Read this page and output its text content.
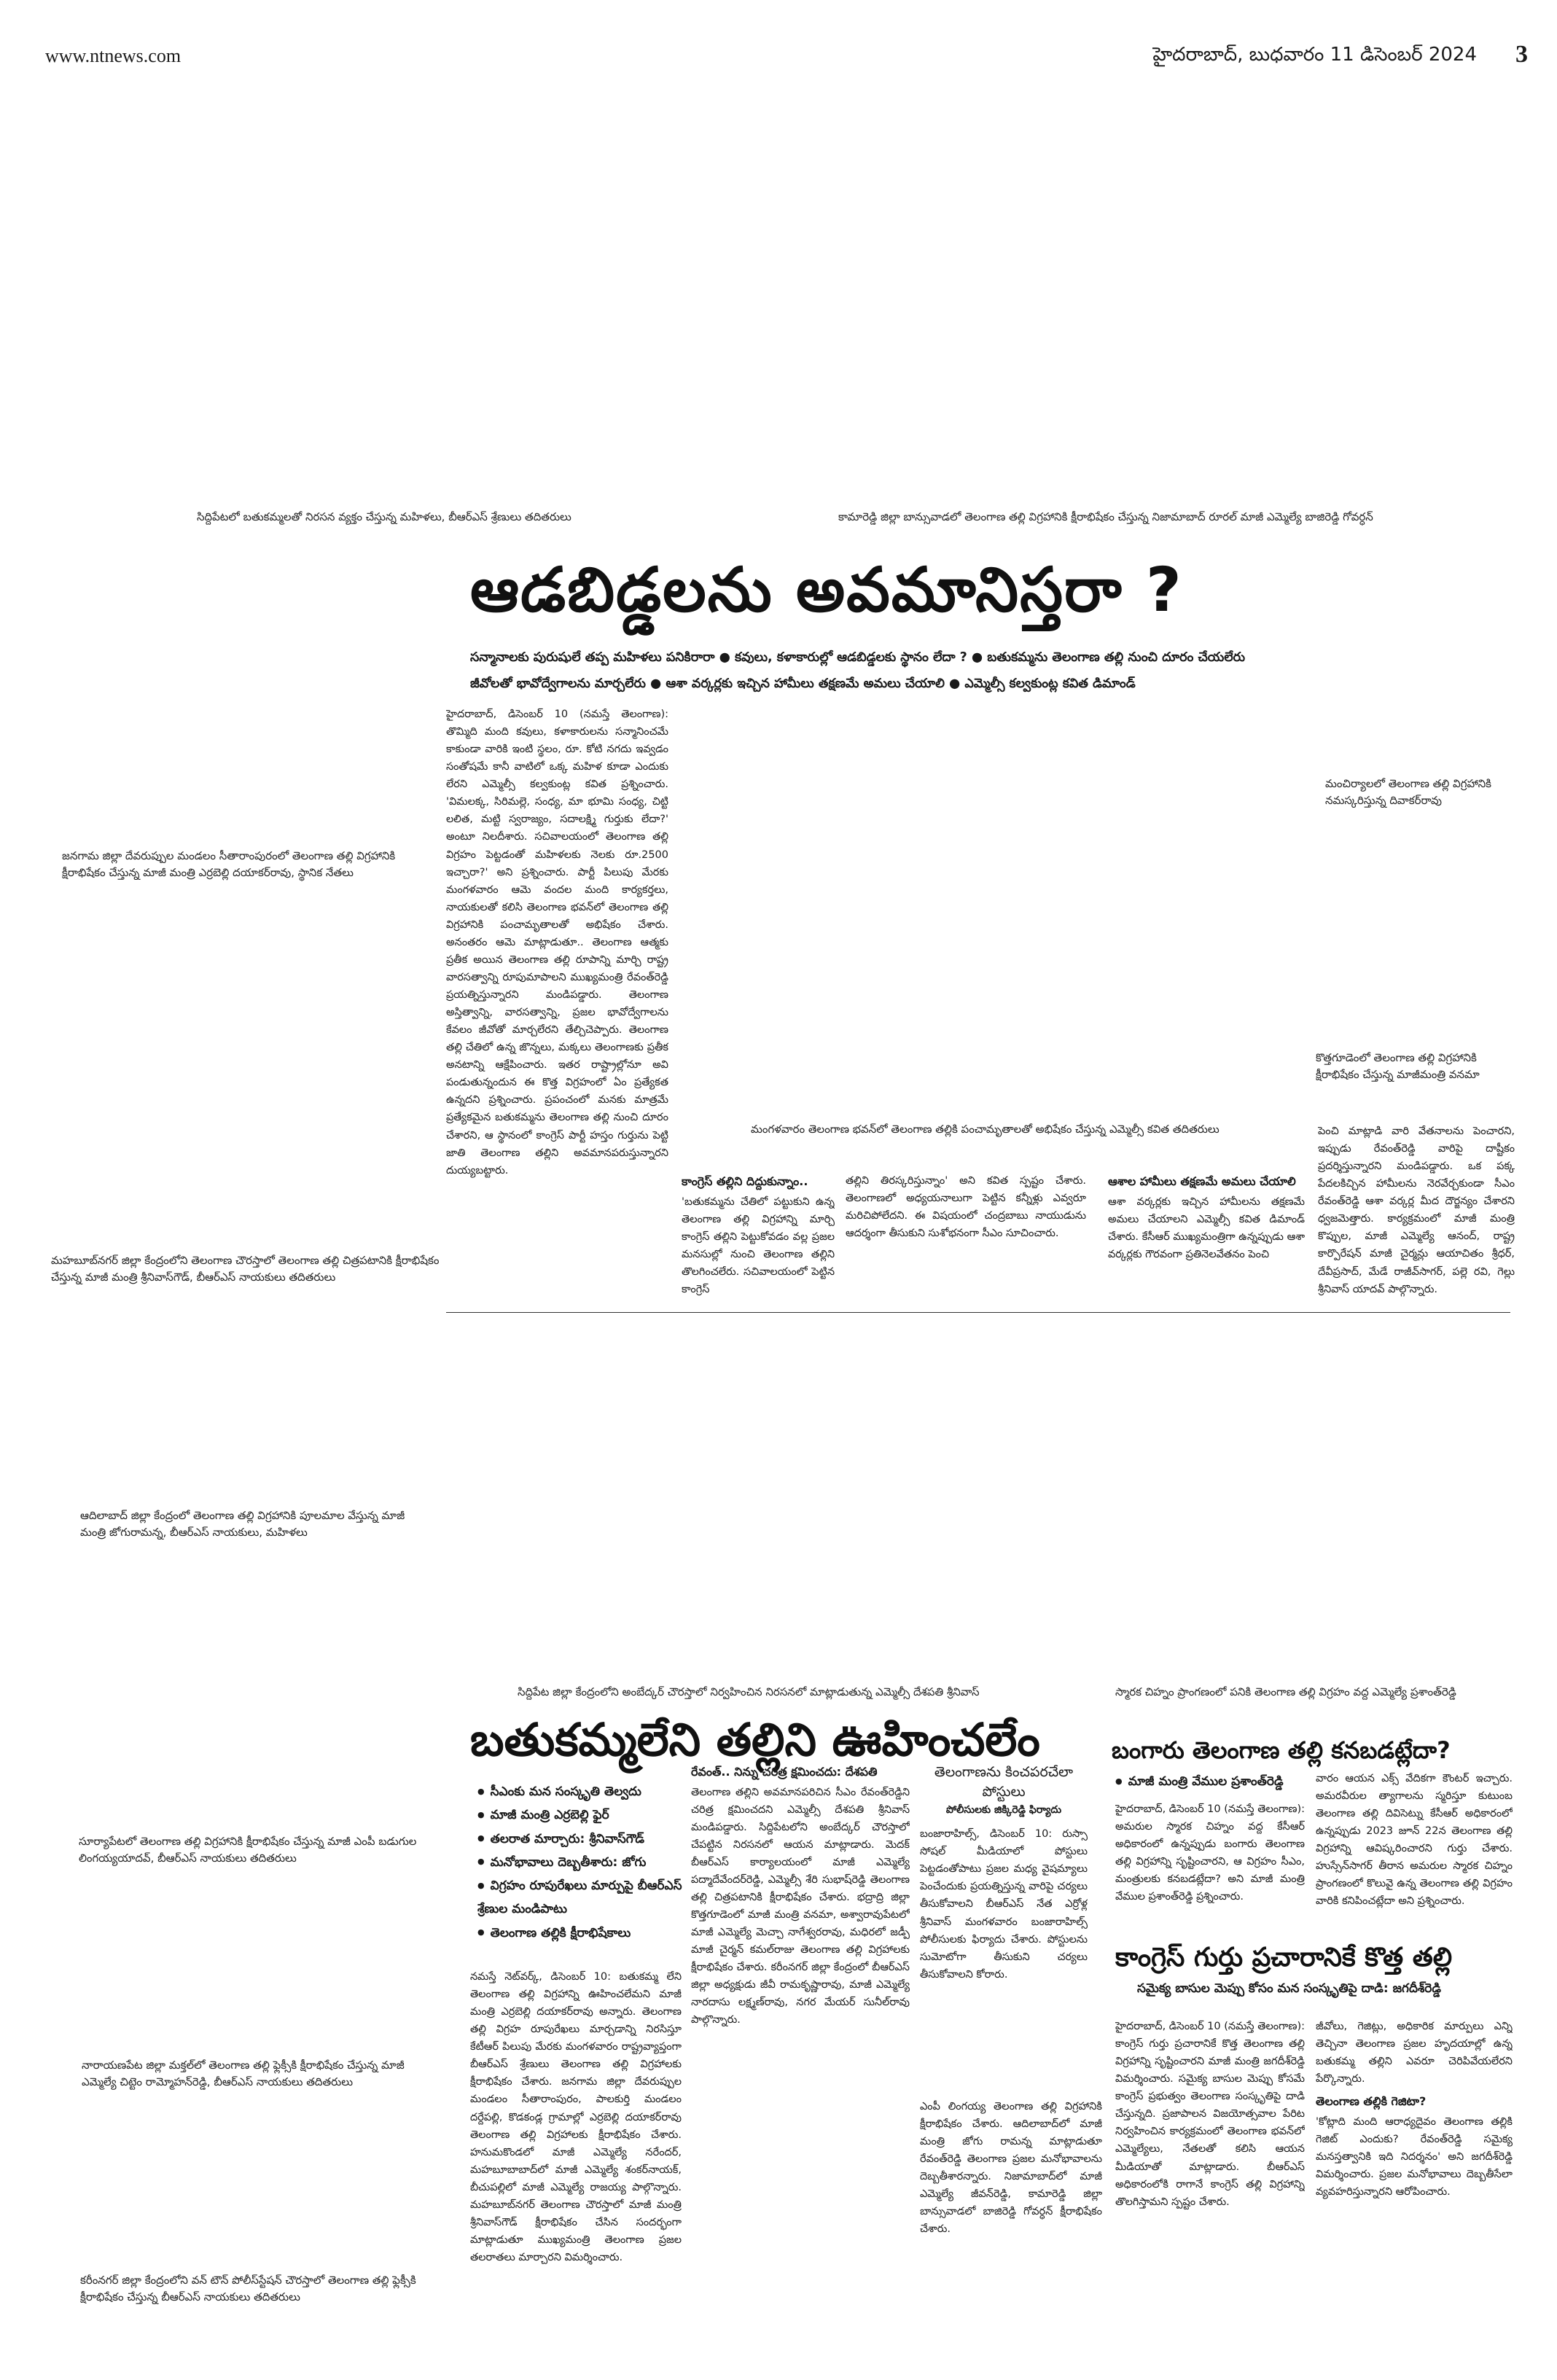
www.ntnews.com	హైదరాబాద్, బుధవారం 11 డిసెంబర్ 2024 3
సిద్దిపేటలో బతుకమ్మలతో నిరసన వ్యక్తం చేస్తున్న మహిళలు, బీఆర్ఎస్ శ్రేణులు తదితరులు	కామారెడ్డి జిల్లా బాన్సువాడలో తెలంగాణ తల్లి విగ్రహానికి క్షీరాభిషేకం చేస్తున్న నిజామాబాద్ రూరల్ మాజీ ఎమ్మెల్యే బాజిరెడ్డి గోవర్ధన్
ఆడబిడ్డలను అవమానిస్తరా ?
సన్మానాలకు పురుషులే తప్ప మహిళలు పనికిరారా ● కవులు, కళాకారుల్లో ఆడబిడ్డలకు స్థానం లేదా ? ● బతుకమ్మను తెలంగాణ తల్లి నుంచి దూరం చేయలేరు
జీవోలతో భావోద్వేగాలను మార్చలేరు ● ఆశా వర్కర్లకు ఇచ్చిన హామీలు తక్షణమే అమలు చేయాలి ● ఎమ్మెల్సీ కల్వకుంట్ల కవిత డిమాండ్
జనగామ జిల్లా దేవరుప్పుల మండలం సీతారాంపురంలో తెలంగాణ తల్లి విగ్రహానికి క్షీరాభిషేకం చేస్తున్న మాజీ మంత్రి ఎర్రబెల్లి దయాకర్‌రావు, స్థానిక నేతలు
మహబూబ్‌నగర్ జిల్లా కేంద్రంలోని తెలంగాణ చౌరస్తాలో తెలంగాణ తల్లి చిత్రపటానికి క్షీరాభిషేకం చేస్తున్న మాజీ మంత్రి శ్రీనివాస్‌గౌడ్, బీఆర్ఎస్ నాయకులు తదితరులు
ఆదిలాబాద్ జిల్లా కేంద్రంలో తెలంగాణ తల్లి విగ్రహానికి పూలమాల వేస్తున్న మాజీ మంత్రి జోగురామన్న, బీఆర్ఎస్ నాయకులు, మహిళలు

హైదరాబాద్, డిసెంబర్ 10 (నమస్తే తెలంగాణ): తొమ్మిది మంది కవులు, కళాకారులను సన్మానించమే కాకుండా వారికి ఇంటి స్థలం, రూ. కోటి నగదు ఇవ్వడం సంతోషమే కానీ వాటిలో ఒక్క మహిళ కూడా ఎందుకు లేరని ఎమ్మెల్సీ కల్వకుంట్ల కవిత ప్రశ్నించారు. 'విమలక్క, సిరిమల్లె, సంధ్య, మా భూమి సంధ్య, చిట్టి లలిత, మట్టి స్వరాజ్యం, సదాలక్ష్మి గుర్తుకు లేదా?' అంటూ నిలదీశారు. సచివాలయంలో తెలంగాణ తల్లి విగ్రహం పెట్టడంతో మహిళలకు నెలకు రూ.2500 ఇచ్చారా?' అని ప్రశ్నించారు. పార్టీ పిలుపు మేరకు మంగళవారం ఆమె వందల మంది కార్యకర్తలు, నాయకులతో కలిసి తెలంగాణ భవన్‌లో తెలంగాణ తల్లి విగ్రహానికి పంచామృతాలతో అభిషేకం చేశారు. అనంతరం ఆమె మాట్లాడుతూ.. తెలంగాణ ఆత్మకు ప్రతీక అయిన తెలంగాణ తల్లి రూపాన్ని మార్చి రాష్ట్ర వారసత్వాన్ని రూపుమాపాలని ముఖ్యమంత్రి రేవంత్‌రెడ్డి ప్రయత్నిస్తున్నారని మండిపడ్డారు. తెలంగాణ అస్తిత్వాన్ని, వారసత్వాన్ని, ప్రజల భావోద్వేగాలను కేవలం జీవోతో మార్చలేరని తేల్చిచెప్పారు. తెలంగాణ తల్లి చేతిలో ఉన్న జొన్నలు, మక్కలు తెలంగాణకు ప్రతీక అనటాన్ని ఆక్షేపించారు. ఇతర రాష్ట్రాల్లోనూ అవి పండుతున్నందున ఈ కొత్త విగ్రహంలో ఏం ప్రత్యేకత ఉన్నదని ప్రశ్నించారు. ప్రపంచంలో మనకు మాత్రమే ప్రత్యేకమైన బతుకమ్మను తెలంగాణ తల్లి నుంచి దూరం చేశారని, ఆ స్థానంలో కాంగ్రెస్ పార్టీ హస్తం గుర్తును పెట్టి జాతి తెలంగాణ తల్లిని అవమానపరుస్తున్నారని దుయ్యబట్టారు.

మంచిర్యాలలో తెలంగాణ తల్లి విగ్రహానికి నమస్కరిస్తున్న దివాకర్‌రావు
కొత్తగూడెంలో తెలంగాణ తల్లి విగ్రహానికి క్షీరాభిషేకం చేస్తున్న మాజీమంత్రి వనమా
మంగళవారం తెలంగాణ భవన్‌లో తెలంగాణ తల్లికి పంచామృతాలతో అభిషేకం చేస్తున్న ఎమ్మెల్సీ కవిత తదితరులు

కాంగ్రెస్ తల్లిని దిద్దుకున్నాం..

'బతుకమ్మను చేతిలో పట్టుకుని ఉన్న తెలంగాణ తల్లి విగ్రహాన్ని మార్చి కాంగ్రెస్ తల్లిని పెట్టుకోవడం వల్ల ప్రజల మనసుల్లో నుంచి తెలంగాణ తల్లిని తొలగించలేరు. సచివాలయంలో పెట్టిన కాంగ్రెస్

తల్లిని తిరస్కరిస్తున్నాం' అని కవిత స్పష్టం చేశారు. తెలంగాణలో అధ్యయనాలుగా పెట్టిన కన్నీళ్లు ఎవ్వరూ మరిచిపోలేదని. ఈ విషయంలో చంద్రబాబు నాయుడును ఆదర్శంగా తీసుకుని సుశోభనంగా సీఎం సూచించారు.

ఆశాల హామీలు తక్షణమే అమలు చేయాలి

ఆశా వర్కర్లకు ఇచ్చిన హామీలను తక్షణమే అమలు చేయాలని ఎమ్మెల్సీ కవిత డిమాండ్ చేశారు. కేసీఆర్ ముఖ్యమంత్రిగా ఉన్నప్పుడు ఆశా వర్కర్లకు గౌరవంగా ప్రతినెలవేతనం పెంచి

పెంచి మాట్లాడి వారి వేతనాలను పెంచారని, ఇప్పుడు రేవంత్‌రెడ్డి వారిపై దాష్టీకం ప్రదర్శిస్తున్నారని మండిపడ్డారు. ఒక పక్క పేదలకిచ్చిన హామీలను నెరవేర్చకుండా సీఎం రేవంత్‌రెడ్డి ఆశా వర్కర్ల మీద దౌర్జన్యం చేశారని ధ్వజమెత్తారు. కార్యక్రమంలో మాజీ మంత్రి కొప్పుల, మాజీ ఎమ్మెల్యే ఆనంద్, రాష్ట్ర కార్పొరేషన్ మాజీ చైర్మన్లు ఆయాచితం శ్రీధర్, దేవీప్రసాద్, మేడే రాజీవ్‌సాగర్, పల్లె రవి, గెల్లు శ్రీనివాస్ యాదవ్ పాల్గొన్నారు.

సిద్దిపేట జిల్లా కేంద్రంలోని అంబేద్కర్ చౌరస్తాలో నిర్వహించిన నిరసనలో మాట్లాడుతున్న ఎమ్మెల్సీ దేశపతి శ్రీనివాస్	స్మారక చిహ్నం ప్రాంగణంలో పనికి తెలంగాణ తల్లి విగ్రహం వద్ద ఎమ్మెల్యే ప్రశాంత్‌రెడ్డి
బతుకమ్మలేని తల్లిని ఊహించలేం
● సీఎంకు మన సంస్కృతి తెల్వదు
● మాజీ మంత్రి ఎర్రబెల్లి ఫైర్
● తలరాత మార్చారు: శ్రీనివాస్‌గౌడ్
● మనోభావాలు దెబ్బతీశారు: జోగు
● విగ్రహం రూపురేఖలు మార్పుపై బీఆర్ఎస్ శ్రేణుల మండిపాటు
● తెలంగాణ తల్లికి క్షీరాభిషేకాలు
సూర్యాపేటలో తెలంగాణ తల్లి విగ్రహానికి క్షీరాభిషేకం చేస్తున్న మాజీ ఎంపీ బడుగుల లింగయ్యయాదవ్, బీఆర్ఎస్ నాయకులు తదితరులు
నారాయణపేట జిల్లా మక్తల్‌లో తెలంగాణ తల్లి ఫ్లెక్సీకి క్షీరాభిషేకం చేస్తున్న మాజీ ఎమ్మెల్యే చిట్టెం రామ్మోహన్‌రెడ్డి, బీఆర్ఎస్ నాయకులు తదితరులు
కరీంనగర్ జిల్లా కేంద్రంలోని వన్ టౌన్ పోలీస్‌స్టేషన్ చౌరస్తాలో తెలంగాణ తల్లి ఫ్లెక్సీకి క్షీరాభిషేకం చేస్తున్న బీఆర్ఎస్ నాయకులు తదితరులు

నమస్తే నెట్‌వర్క్, డిసెంబర్ 10: బతుకమ్మ లేని తెలంగాణ తల్లి విగ్రహాన్ని ఊహించలేమని మాజీ మంత్రి ఎర్రబెల్లి దయాకర్‌రావు అన్నారు. తెలంగాణ తల్లి విగ్రహ రూపురేఖలు మార్చడాన్ని నిరసిస్తూ కేటీఆర్ పిలుపు మేరకు మంగళవారం రాష్ట్రవ్యాప్తంగా బీఆర్ఎస్ శ్రేణులు తెలంగాణ తల్లి విగ్రహాలకు క్షీరాభిషేకం చేశారు. జనగామ జిల్లా దేవరుప్పుల మండలం సీతారాంపురం, పాలకుర్తి మండలం దర్దేపల్లి, కొడకండ్ల గ్రామాల్లో ఎర్రబెల్లి దయాకర్‌రావు తెలంగాణ తల్లి విగ్రహాలకు క్షీరాభిషేకం చేశారు. హనుమకొండలో మాజీ ఎమ్మెల్యే నరేందర్, మహబూబాబాద్‌లో మాజీ ఎమ్మెల్యే శంకర్‌నాయక్, బీచుపల్లిలో మాజీ ఎమ్మెల్యే రాజయ్య పాల్గొన్నారు. మహబూబ్‌నగర్ తెలంగాణ చౌరస్తాలో మాజీ మంత్రి శ్రీనివాస్‌గౌడ్ క్షీరాభిషేకం చేసిన సందర్భంగా మాట్లాడుతూ ముఖ్యమంత్రి తెలంగాణ ప్రజల తలరాతలు మార్చారని విమర్శించారు.

రేవంత్.. నిన్ను చరిత్ర క్షమించదు: దేశపతి

తెలంగాణ తల్లిని అవమానపరిచిన సీఎం రేవంత్‌రెడ్డిని చరిత్ర క్షమించదని ఎమ్మెల్సీ దేశపతి శ్రీనివాస్ మండిపడ్డారు. సిద్దిపేటలోని అంబేద్కర్ చౌరస్తాలో చేపట్టిన నిరసనలో ఆయన మాట్లాడారు. మెదక్ బీఆర్ఎస్ కార్యాలయంలో మాజీ ఎమ్మెల్యే పద్మాదేవేందర్‌రెడ్డి, ఎమ్మెల్సీ శేరి సుభాష్‌రెడ్డి తెలంగాణ తల్లి చిత్రపటానికి క్షీరాభిషేకం చేశారు. భద్రాద్రి జిల్లా కొత్తగూడెంలో మాజీ మంత్రి వనమా, అశ్వారావుపేటలో మాజీ ఎమ్మెల్యే మెచ్చా నాగేశ్వరరావు, మధిరలో జడ్పీ మాజీ చైర్మన్ కమల్‌రాజు తెలంగాణ తల్లి విగ్రహాలకు క్షీరాభిషేకం చేశారు. కరీంనగర్ జిల్లా కేంద్రంలో బీఆర్ఎస్ జిల్లా అధ్యక్షుడు జీవీ రామకృష్ణారావు, మాజీ ఎమ్మెల్యే నారదాసు లక్ష్మణ్‌రావు, నగర మేయర్ సునీల్‌రావు పాల్గొన్నారు.

తెలంగాణను కించపరచేలా పోస్టులు
పోలీసులకు జిక్కిరెడ్డి ఫిర్యాదు
బంజారాహిల్స్, డిసెంబర్ 10: రుస్సా సోషల్ మీడియాలో పోస్టులు పెట్టడంతోపాటు ప్రజల మధ్య వైషమ్యాలు పెంచేందుకు ప్రయత్నిస్తున్న వారిపై చర్యలు తీసుకోవాలని బీఆర్ఎస్ నేత ఎర్రోళ్ల శ్రీనివాస్ మంగళవారం బంజారాహిల్స్ పోలీసులకు ఫిర్యాదు చేశారు. పోస్టులను సుమోటోగా తీసుకుని చర్యలు తీసుకోవాలని కోరారు.

ఎంపీ లింగయ్య తెలంగాణ తల్లి విగ్రహానికి క్షీరాభిషేకం చేశారు. ఆదిలాబాద్‌లో మాజీ మంత్రి జోగు రామన్న మాట్లాడుతూ రేవంత్‌రెడ్డి తెలంగాణ ప్రజల మనోభావాలను దెబ్బతీశారన్నారు. నిజామాబాద్‌లో మాజీ ఎమ్మెల్యే జీవన్‌రెడ్డి, కామారెడ్డి జిల్లా బాన్సువాడలో బాజిరెడ్డి గోవర్ధన్ క్షీరాభిషేకం చేశారు.

బంగారు తెలంగాణ తల్లి కనబడట్లేదా?
● మాజీ మంత్రి వేముల ప్రశాంత్‌రెడ్డి

హైదరాబాద్, డిసెంబర్ 10 (నమస్తే తెలంగాణ): అమరుల స్మారక చిహ్నం వద్ద కేసీఆర్ అధికారంలో ఉన్నప్పుడు బంగారు తెలంగాణ తల్లి విగ్రహాన్ని సృష్టించారని, ఆ విగ్రహం సీఎం, మంత్రులకు కనబడట్లేదా? అని మాజీ మంత్రి వేముల ప్రశాంత్‌రెడ్డి ప్రశ్నించారు.

వారం ఆయన ఎక్స్ వేదికగా కౌంటర్ ఇచ్చారు. అమరవీరుల త్యాగాలను స్మరిస్తూ కుటుంబ తెలంగాణ తల్లి దివిసెట్ను కేసీఆర్ అధికారంలో ఉన్నప్పుడు 2023 జూన్ 22న తెలంగాణ తల్లి విగ్రహాన్ని ఆవిష్కరించారని గుర్తు చేశారు. హుస్సేన్‌సాగర్ తీరాన అమరుల స్మారక చిహ్నం ప్రాంగణంలో కొలువై ఉన్న తెలంగాణ తల్లి విగ్రహం వారికి కనిపించట్లేదా అని ప్రశ్నించారు.

కాంగ్రెస్ గుర్తు ప్రచారానికే కొత్త తల్లి
సమైక్య బాసుల మెప్పు కోసం మన సంస్కృతిపై దాడి: జగదీశ్‌రెడ్డి

హైదరాబాద్, డిసెంబర్ 10 (నమస్తే తెలంగాణ): కాంగ్రెస్ గుర్తు ప్రచారానికే కొత్త తెలంగాణ తల్లి విగ్రహాన్ని సృష్టించారని మాజీ మంత్రి జగదీశ్‌రెడ్డి విమర్శించారు. సమైక్య బాసుల మెప్పు కోసమే కాంగ్రెస్ ప్రభుత్వం తెలంగాణ సంస్కృతిపై దాడి చేస్తున్నది. ప్రజాపాలన విజయోత్సవాల పేరిట నిర్వహించిన కార్యక్రమంలో తెలంగాణ భవన్‌లో ఎమ్మెల్యేలు, నేతలతో కలిసి ఆయన మీడియాతో మాట్లాడారు. బీఆర్ఎస్ అధికారంలోకి రాగానే కాంగ్రెస్ తల్లి విగ్రహాన్ని తొలగిస్తామని స్పష్టం చేశారు.

జీవోలు, గెజిట్లు, అధికారిక మార్పులు ఎన్ని తెచ్చినా తెలంగాణ ప్రజల హృదయాల్లో ఉన్న బతుకమ్మ తల్లిని ఎవరూ చెరిపివేయలేరని పేర్కొన్నారు.

తెలంగాణ తల్లికి గెజిటా?

'కోట్లాది మంది ఆరాధ్యదైవం తెలంగాణ తల్లికి గెజిట్ ఎందుకు? రేవంత్‌రెడ్డి సమైక్య మనస్తత్వానికి ఇది నిదర్శనం' అని జగదీశ్‌రెడ్డి విమర్శించారు. ప్రజల మనోభావాలు దెబ్బతీసేలా వ్యవహరిస్తున్నారని ఆరోపించారు.
